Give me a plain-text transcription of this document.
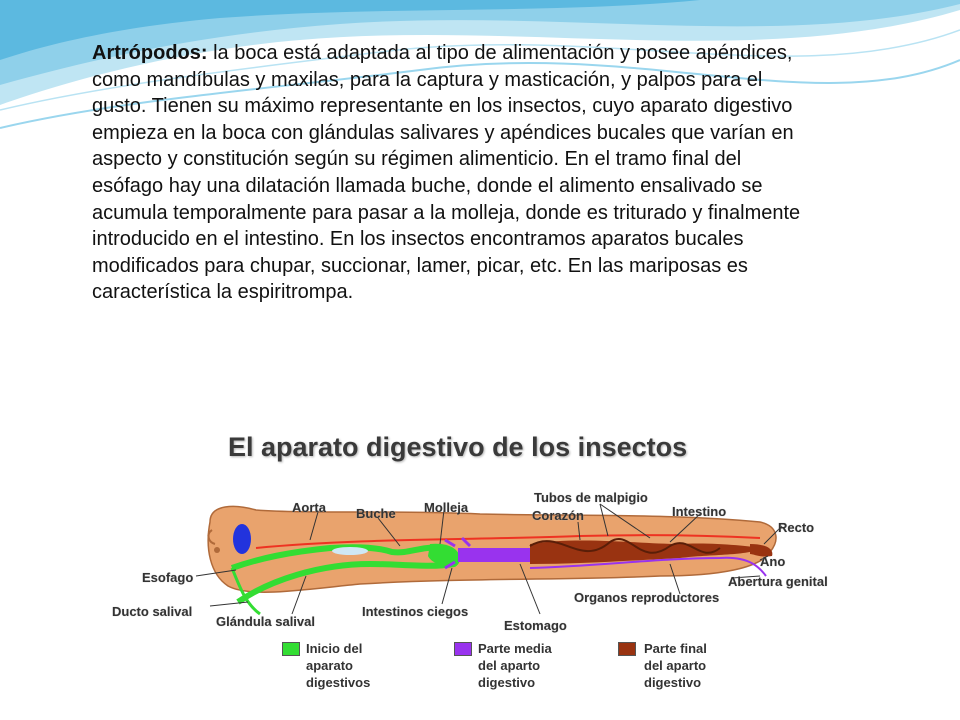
Artrópodos: la boca está adaptada al tipo de alimentación y posee apéndices, como mandíbulas y maxilas, para la captura y masticación, y palpos para el gusto. Tienen su máximo representante en los insectos, cuyo aparato digestivo empieza en la boca con glándulas salivares y apéndices bucales que varían en aspecto y constitución según su régimen alimenticio. En el tramo final del esófago hay una dilatación llamada buche, donde el alimento ensalivado se acumula temporalmente para pasar a la molleja, donde es triturado y finalmente introducido en el intestino. En los insectos encontramos aparatos bucales modificados para chupar, succionar, lamer, picar, etc. En las mariposas es característica la espiritrompa.

El aparato digestivo de los insectos
Aorta Buche Molleja
Tubos de malpigio
Corazón	Intestino
Recto
Ano
Abertura genital
Organos reproductores
Estomago
Intestinos ciegos
Glándula salival
Ducto salival
Esofago
Inicio del
aparato
digestivos
Parte media
del aparto
digestivo
Parte final
del aparto
digestivo
